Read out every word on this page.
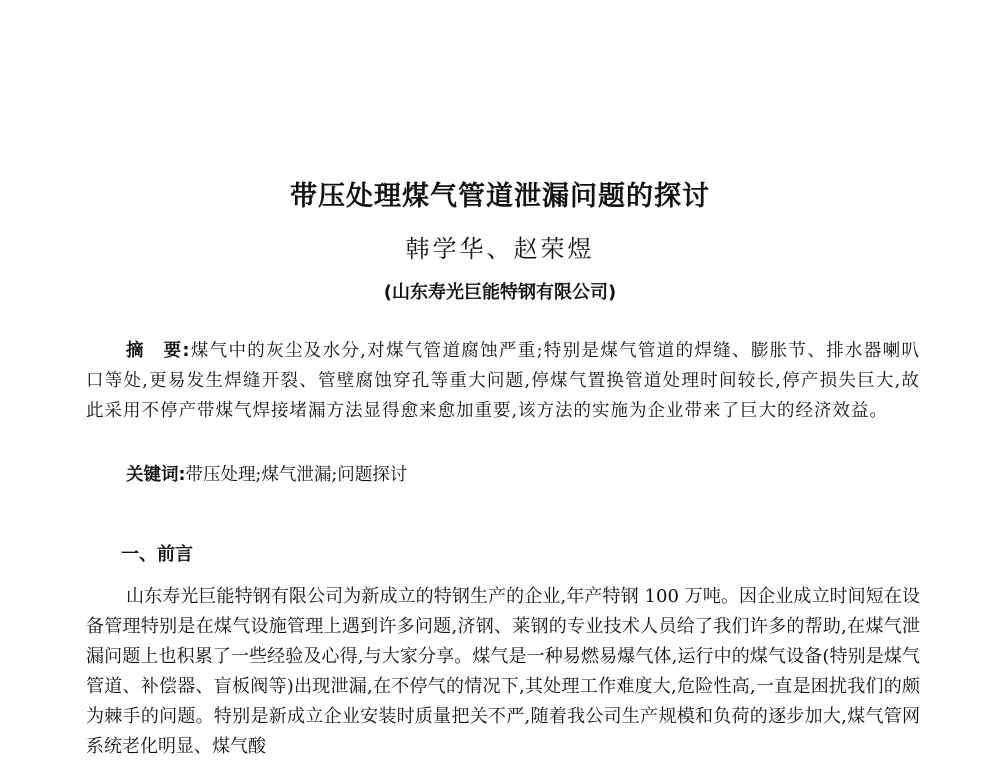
带压处理煤气管道泄漏问题的探讨
韩学华、赵荣煜
(山东寿光巨能特钢有限公司)

摘　要:煤气中的灰尘及水分,对煤气管道腐蚀严重;特别是煤气管道的焊缝、膨胀节、排水器喇叭口等处,更易发生焊缝开裂、管壁腐蚀穿孔等重大问题,停煤气置换管道处理时间较长,停产损失巨大,故此采用不停产带煤气焊接堵漏方法显得愈来愈加重要,该方法的实施为企业带来了巨大的经济效益。

关键词:带压处理;煤气泄漏;问题探讨

一、前言

山东寿光巨能特钢有限公司为新成立的特钢生产的企业,年产特钢 100 万吨。因企业成立时间短在设备管理特别是在煤气设施管理上遇到许多问题,济钢、莱钢的专业技术人员给了我们许多的帮助,在煤气泄漏问题上也积累了一些经验及心得,与大家分享。煤气是一种易燃易爆气体,运行中的煤气设备(特别是煤气管道、补偿器、盲板阀等)出现泄漏,在不停气的情况下,其处理工作难度大,危险性高,一直是困扰我们的颇为棘手的问题。特别是新成立企业安装时质量把关不严,随着我公司生产规模和负荷的逐步加大,煤气管网系统老化明显、煤气酸
